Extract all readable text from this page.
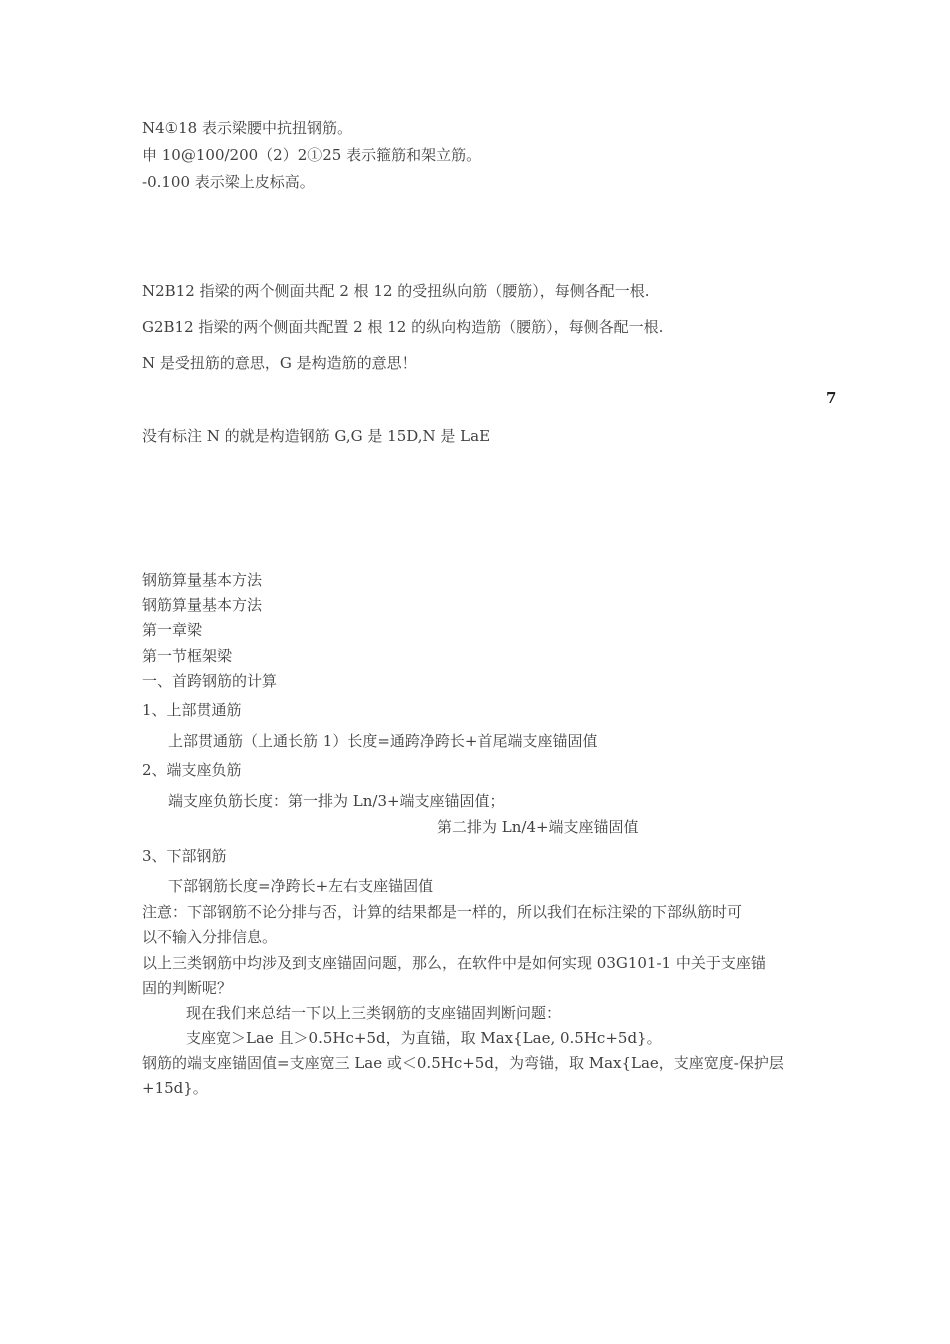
N4①18 表示梁腰中抗扭钢筋。
申 10@100/200（2）2①25 表示箍筋和架立筋。
-0.100 表示梁上皮标高。
N2B12 指梁的两个侧面共配 2 根 12 的受扭纵向筋（腰筋），每侧各配一根.
G2B12 指梁的两个侧面共配置 2 根 12 的纵向构造筋（腰筋），每侧各配一根.
N 是受扭筋的意思，G 是构造筋的意思！
7
没有标注 N 的就是构造钢筋 G,G 是 15D,N 是 LaE
钢筋算量基本方法
钢筋算量基本方法
第一章梁
第一节框架梁
一、首跨钢筋的计算
1、上部贯通筋
上部贯通筋（上通长筋 1）长度=通跨净跨长+首尾端支座锚固值
2、端支座负筋
端支座负筋长度：第一排为 Ln/3+端支座锚固值；
第二排为 Ln/4+端支座锚固值
3、下部钢筋
下部钢筋长度=净跨长+左右支座锚固值
注意：下部钢筋不论分排与否，计算的结果都是一样的，所以我们在标注梁的下部纵筋时可
以不输入分排信息。
以上三类钢筋中均涉及到支座锚固问题，那么，在软件中是如何实现 03G101-1 中关于支座锚
固的判断呢？
现在我们来总结一下以上三类钢筋的支座锚固判断问题：
支座宽＞Lae 且＞0.5Hc+5d，为直锚，取 Max{Lae, 0.5Hc+5d}。
钢筋的端支座锚固值=支座宽三 Lae 或＜0.5Hc+5d，为弯锚，取 Max{Lae，支座宽度-保护层
+15d}。
